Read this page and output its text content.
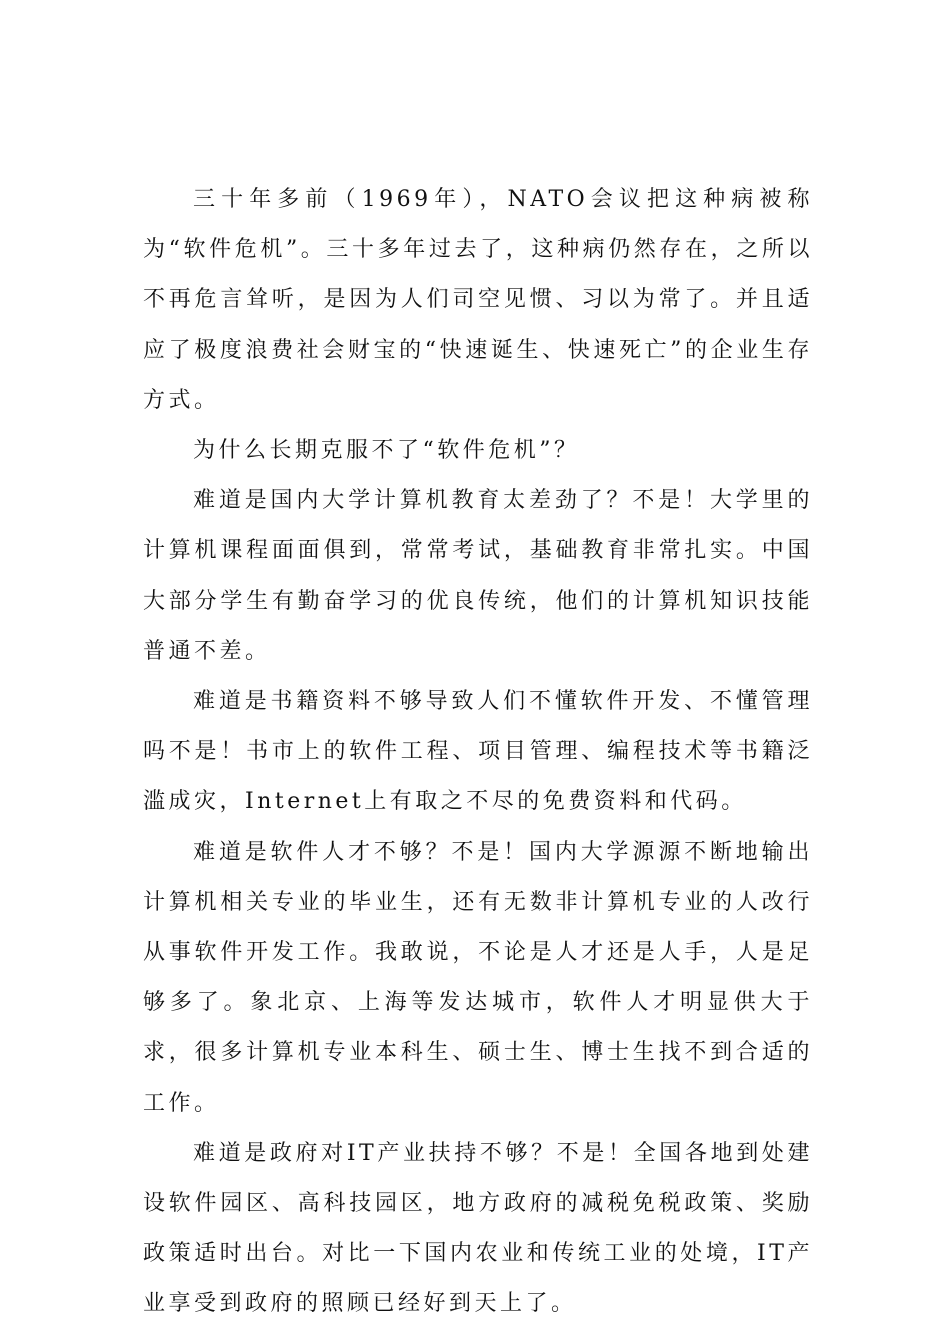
三十年多前（1969年），NATO会议把这种病被称为“软件危机”。三十多年过去了，这种病仍然存在，之所以不再危言耸听，是因为人们司空见惯、习以为常了。并且适应了极度浪费社会财宝的“快速诞生、快速死亡”的企业生存方式。

为什么长期克服不了“软件危机”？

难道是国内大学计算机教育太差劲了？不是！大学里的计算机课程面面俱到，常常考试，基础教育非常扎实。中国大部分学生有勤奋学习的优良传统，他们的计算机知识技能普通不差。

难道是书籍资料不够导致人们不懂软件开发、不懂管理吗不是！书市上的软件工程、项目管理、编程技术等书籍泛滥成灾，Internet上有取之不尽的免费资料和代码。

难道是软件人才不够？不是！国内大学源源不断地输出计算机相关专业的毕业生，还有无数非计算机专业的人改行从事软件开发工作。我敢说，不论是人才还是人手，人是足够多了。象北京、上海等发达城市，软件人才明显供大于求，很多计算机专业本科生、硕士生、博士生找不到合适的工作。

难道是政府对IT产业扶持不够？不是！全国各地到处建设软件园区、高科技园区，地方政府的减税免税政策、奖励政策适时出台。对比一下国内农业和传统工业的处境，IT产业享受到政府的照顾已经好到天上了。
